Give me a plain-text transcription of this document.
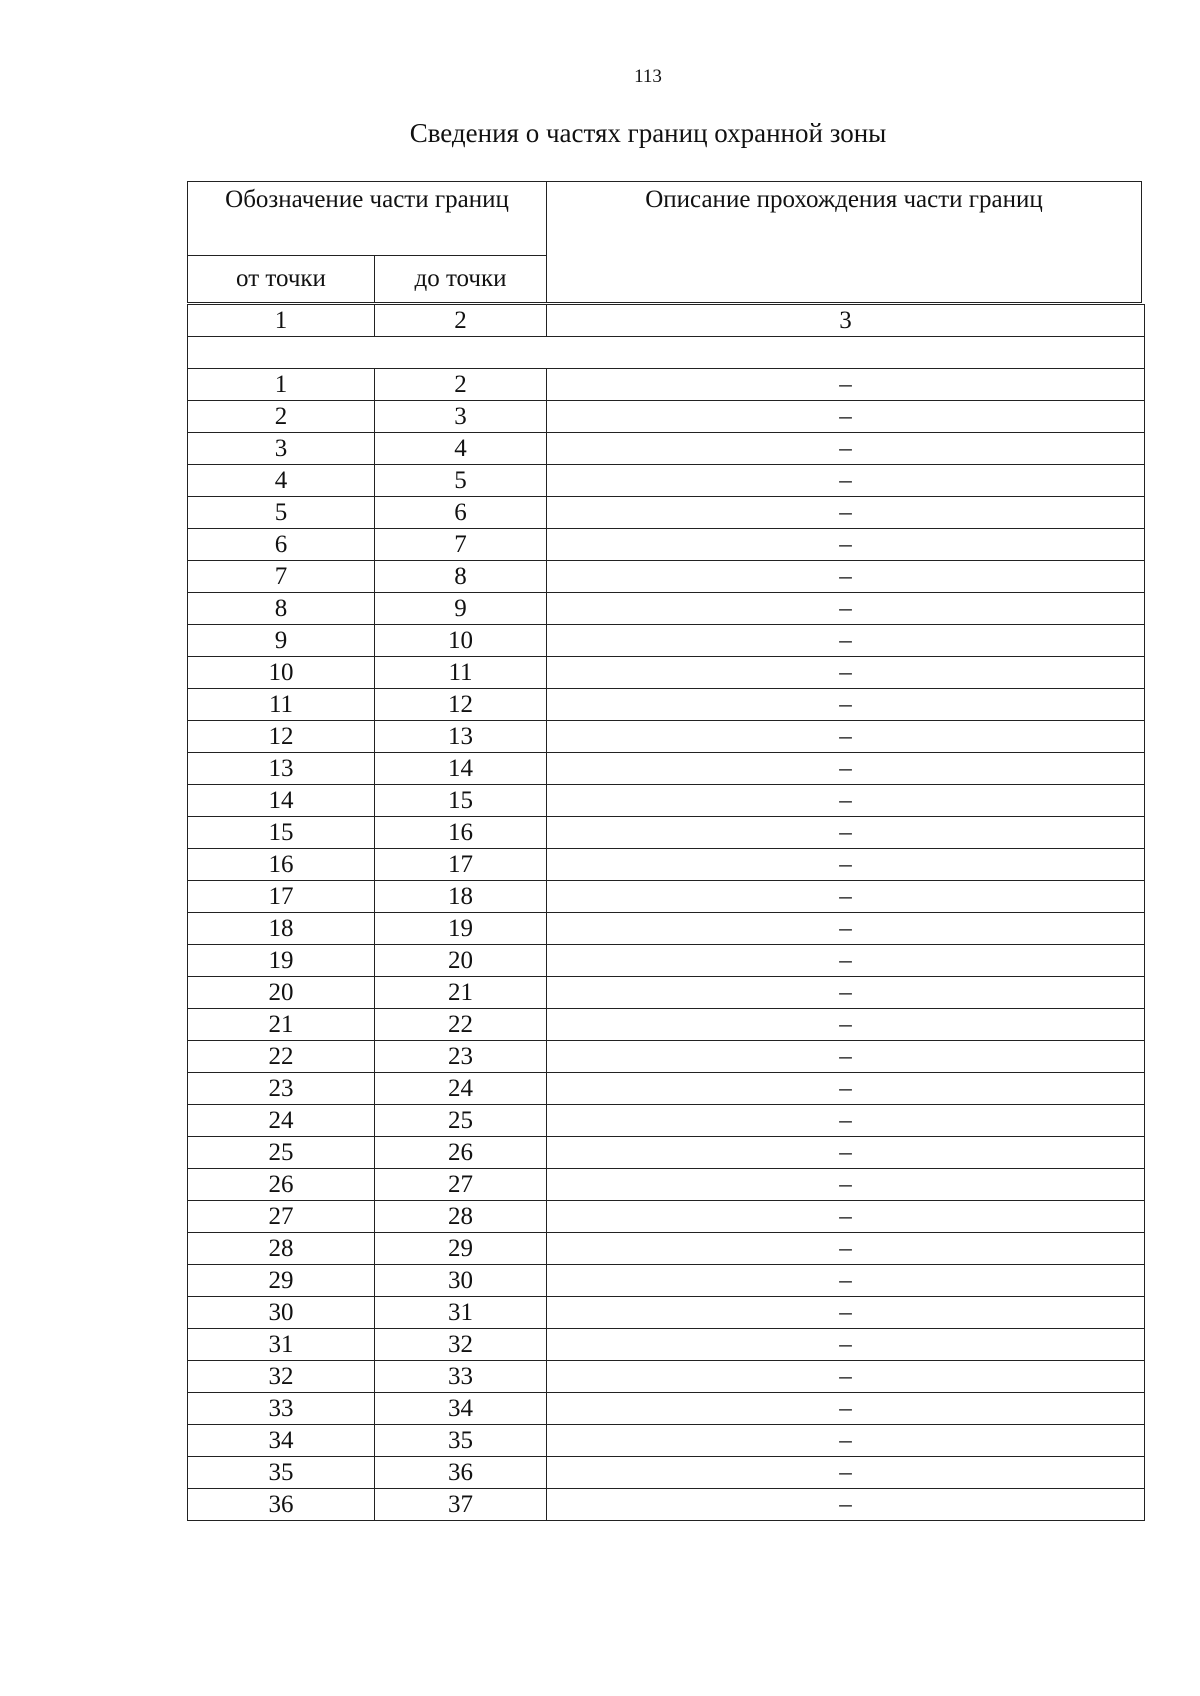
113
Сведения о частях границ охранной зоны
Обозначение части границ		Описание прохождения части границ
от точки	до точки	
1	2	3

1	2	–
2	3	–
3	4	–
4	5	–
5	6	–
6	7	–
7	8	–
8	9	–
9	10	–
10	11	–
11	12	–
12	13	–
13	14	–
14	15	–
15	16	–
16	17	–
17	18	–
18	19	–
19	20	–
20	21	–
21	22	–
22	23	–
23	24	–
24	25	–
25	26	–
26	27	–
27	28	–
28	29	–
29	30	–
30	31	–
31	32	–
32	33	–
33	34	–
34	35	–
35	36	–
36	37	–
